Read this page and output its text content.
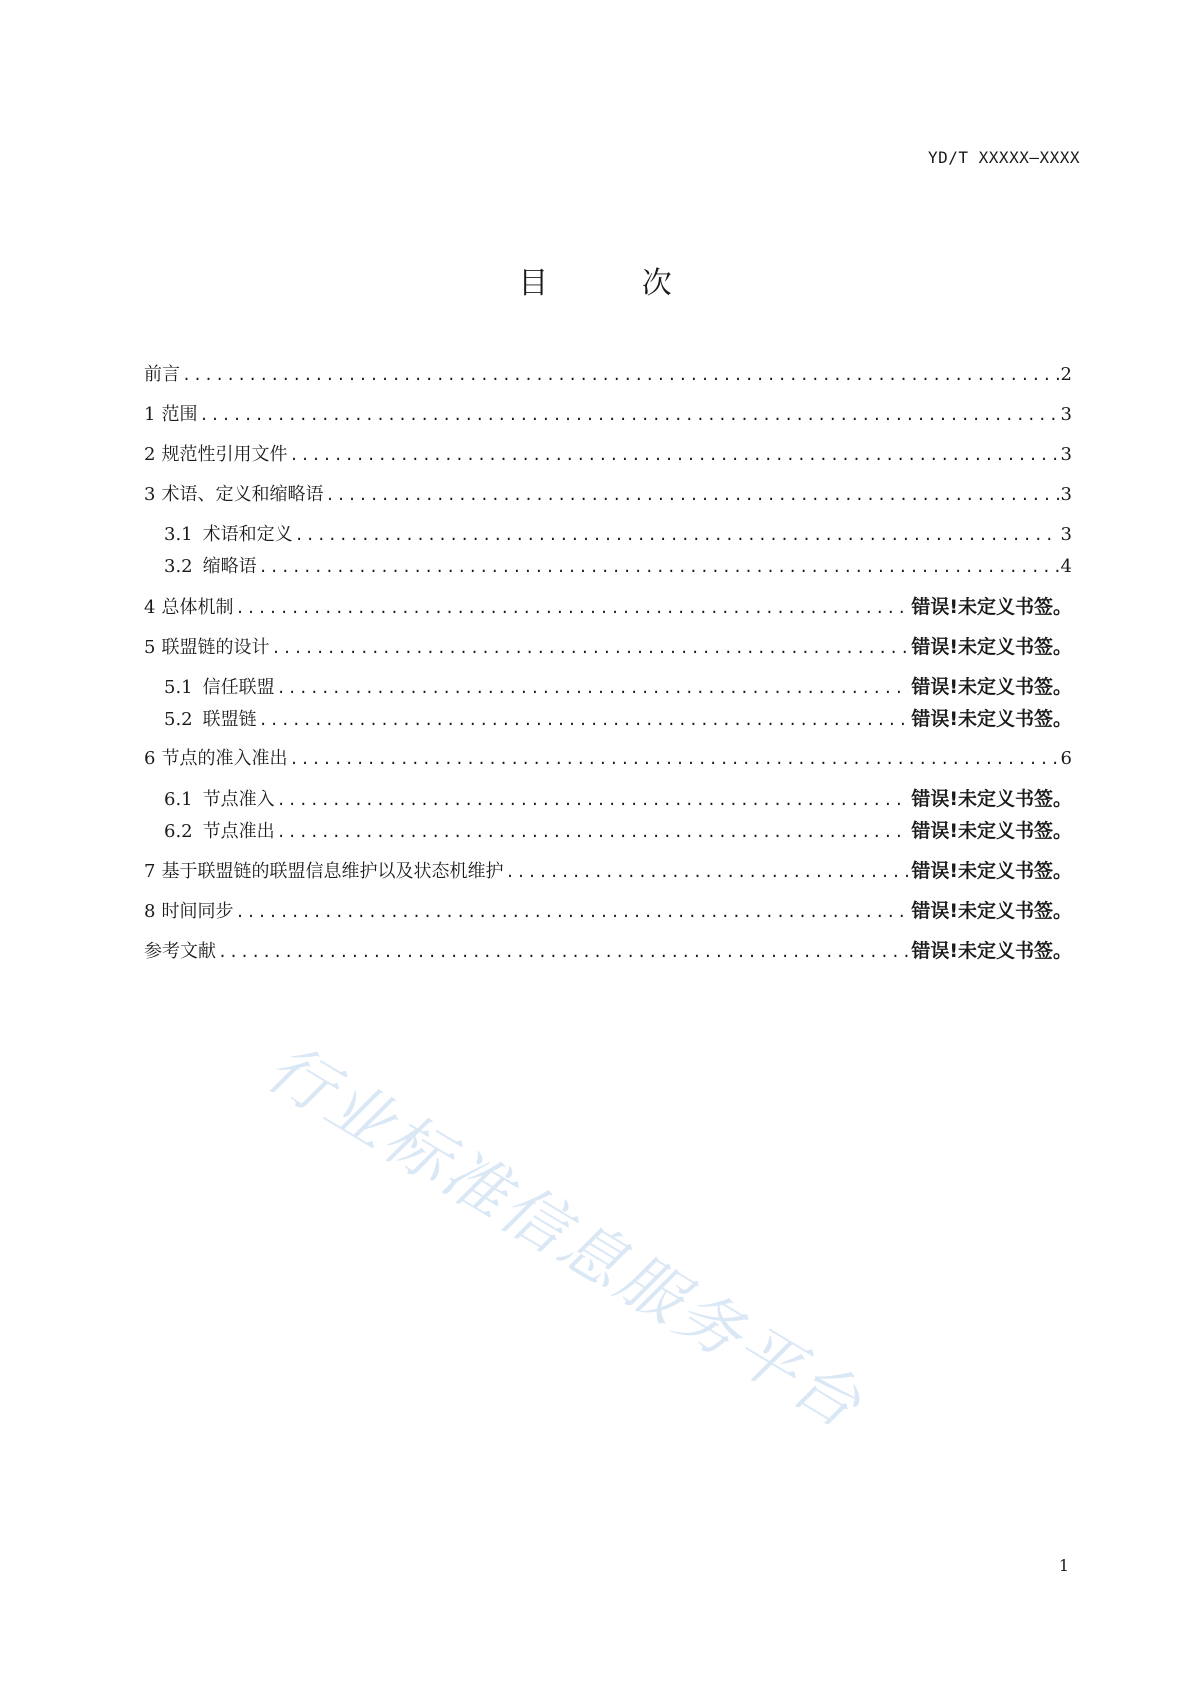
YD/T XXXXX—XXXX
目 次
前言 .....	2
1 范围 .....	3
2 规范性引用文件 .....	3
3 术语、定义和缩略语 .....	3
3.1 术语和定义 .....	3
3.2 缩略语 .....	4
4 总体机制 .....	错误!未定义书签。
5 联盟链的设计 .....	错误!未定义书签。
5.1 信任联盟 .....	错误!未定义书签。
5.2 联盟链 .....	错误!未定义书签。
6 节点的准入准出 .....	6
6.1 节点准入 .....	错误!未定义书签。
6.2 节点准出 .....	错误!未定义书签。
7 基于联盟链的联盟信息维护以及状态机维护 .....	错误!未定义书签。
8 时间同步 .....	错误!未定义书签。
参考文献 .....	错误!未定义书签。
行业标准信息服务平台
1
